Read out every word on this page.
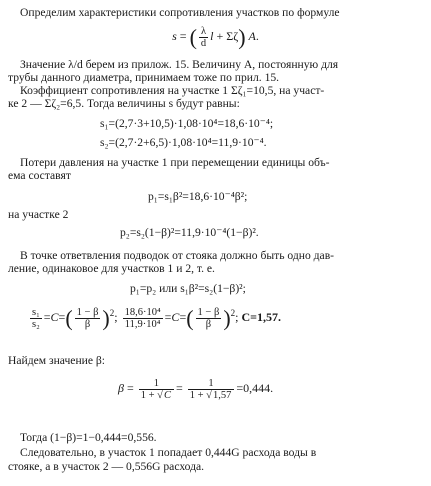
Определим характеристики сопротивления участков по формуле
s = ( $\frac{\lambda}{d}$ l + Σζ) A.
Значение λ/d берем из прилож. 15. Величину A, постоянную для
трубы данного диаметра, принимаем тоже по прил. 15.
Коэффициент сопротивления на участке 1 Σζ₁=10,5, на участ-
ке 2 — Σζ₂=6,5. Тогда величины s будут равны:
s₁=(2,7·3+10,5)·1,08·10⁴=18,6·10⁻⁴;
s₂=(2,7·2+6,5)·1,08·10⁴=11,9·10⁻⁴.
Потери давления на участке 1 при перемещении единицы объ-
ема составят
p₁=s₁β²=18,6·10⁻⁴β²;
на участке 2
p₂=s₂(1−β)²=11,9·10⁻⁴(1−β)².
В точке ответвления подводок от стояка должно быть одно дав-
ление, одинаковое для участков 1 и 2, т. е.
p₁=p₂ или s₁β²=s₂(1−β)²;
$\frac{\text{s₁}}{\text{s₂}} =C=( \frac{1 - \beta}{\beta} )^2$; $\frac{\text{18,6·10⁴}}{\text{11,9·10⁴}} =C=( \frac{1 - \beta}{\beta} )^2$; C=1,57.
Найдем значение β:
$\beta = \frac{1}{1 + √C} = \frac{1}{1 + √1,57} =0,444$.
Тогда (1−β)=1−0,444=0,556.
Следовательно, в участок 1 попадает 0,444G расхода воды в
стояке, а в участок 2 — 0,556G расхода.
